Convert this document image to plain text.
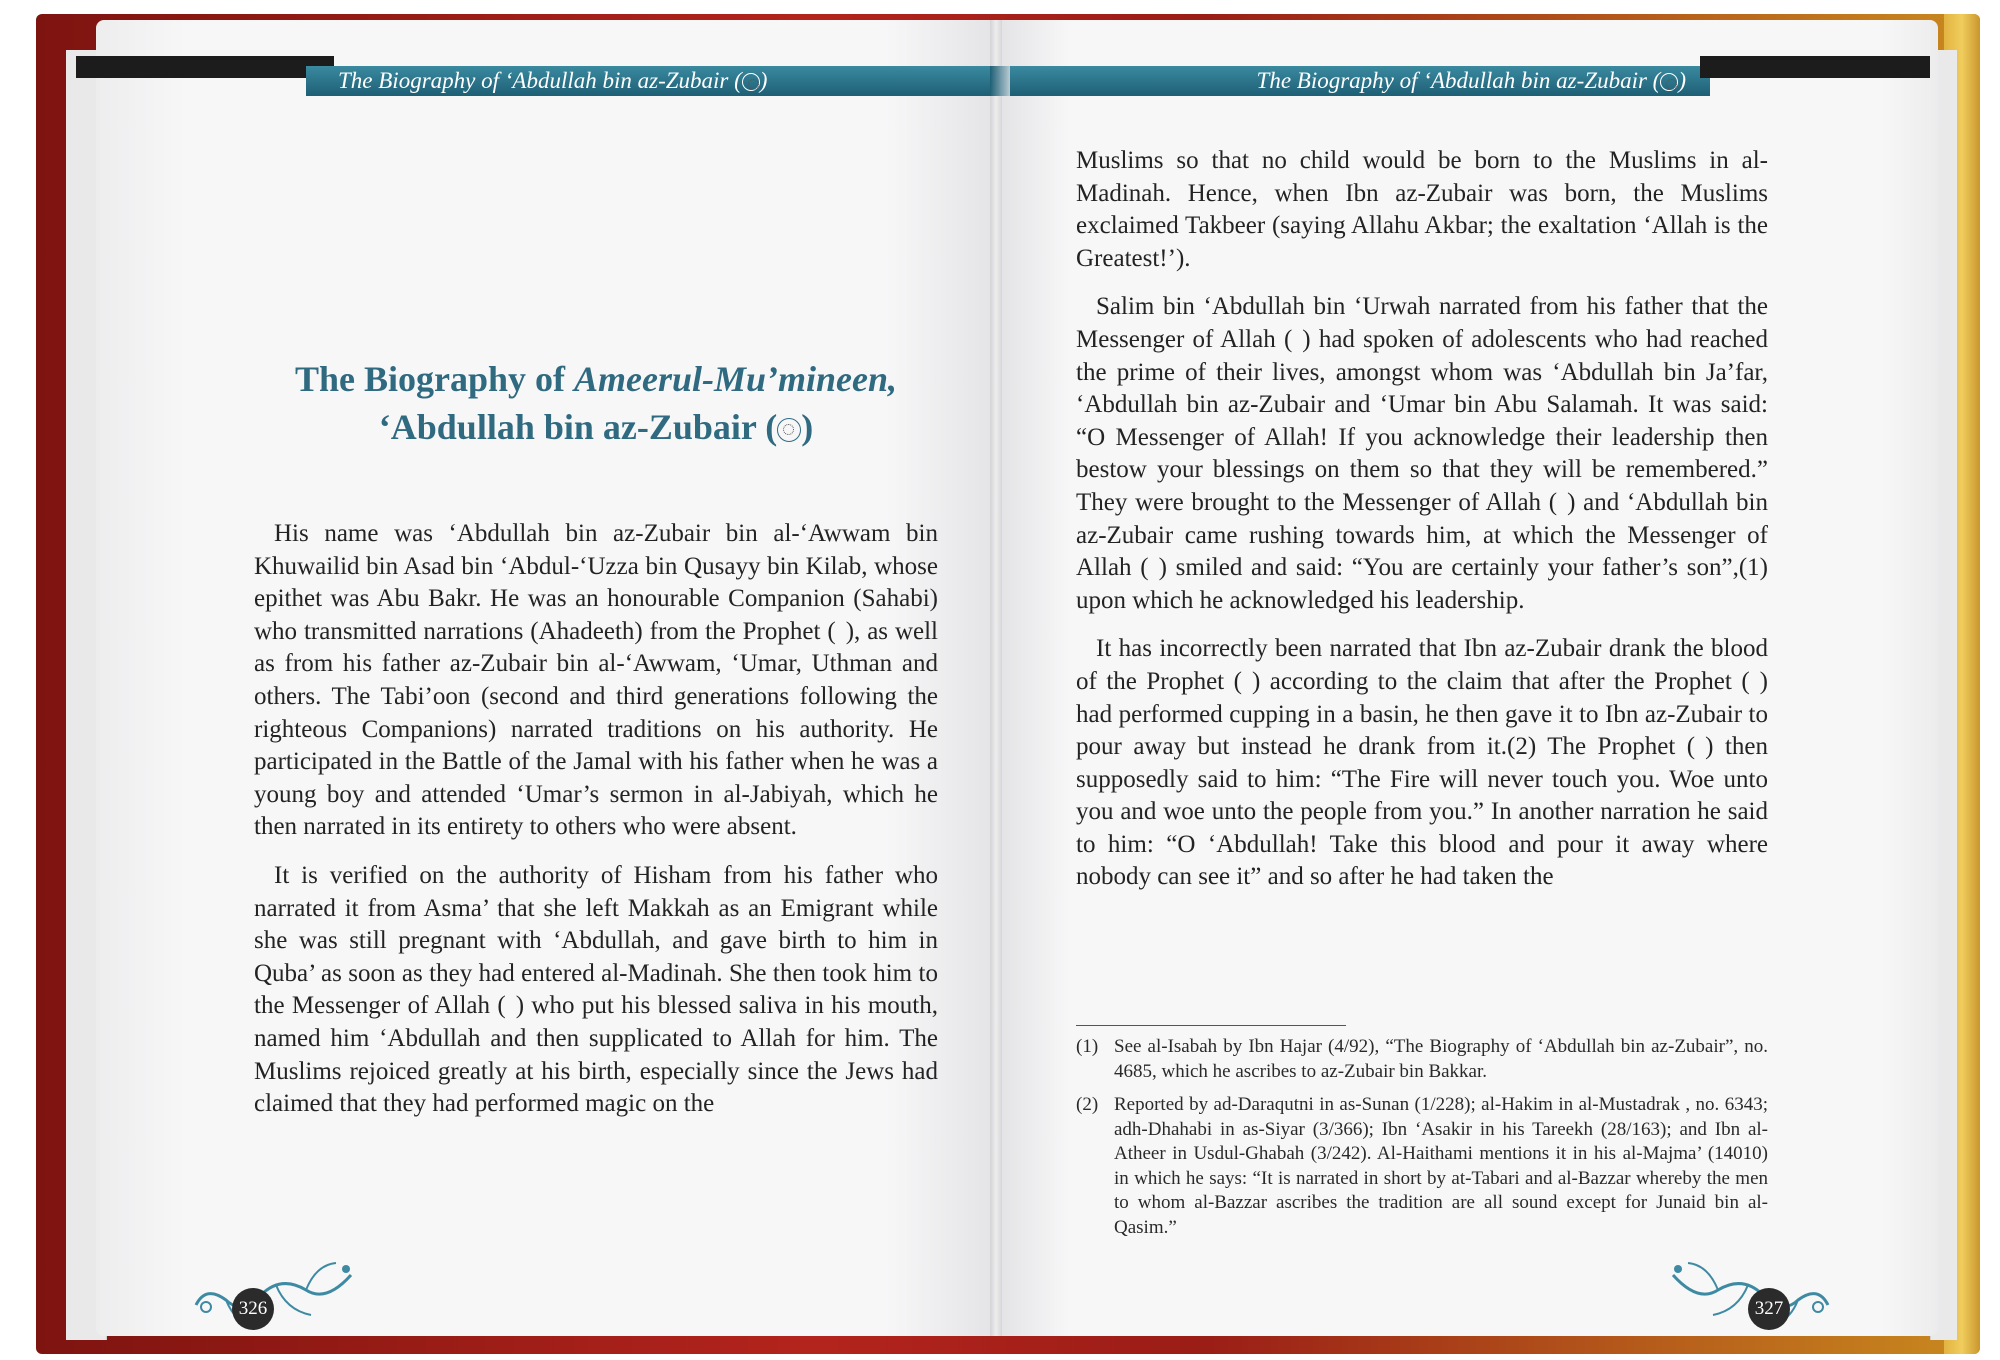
The Biography of ‘Abdullah bin az-Zubair ( )	The Biography of ‘Abdullah bin az-Zubair ( )
The Biography of Ameerul-Mu’mineen,
‘Abdullah bin az-Zubair ( )

His name was ‘Abdullah bin az-Zubair bin al-‘Awwam bin Khuwailid bin Asad bin ‘Abdul-‘Uzza bin Qusayy bin Kilab, whose epithet was Abu Bakr. He was an honourable Companion (Sahabi) who transmitted narrations (Ahadeeth) from the Prophet (  ), as well as from his father az-Zubair bin al-‘Awwam, ‘Umar, Uthman and others. The Tabi’oon (second and third generations following the righteous Companions) narrated traditions on his authority. He participated in the Battle of the Jamal with his father when he was a young boy and attended ‘Umar’s sermon in al-Jabiyah, which he then narrated in its entirety to others who were absent.

It is verified on the authority of Hisham from his father who narrated it from Asma’ that she left Makkah as an Emigrant while she was still pregnant with ‘Abdullah, and gave birth to him in Quba’ as soon as they had entered al-Madinah. She then took him to the Messenger of Allah (  ) who put his blessed saliva in his mouth, named him ‘Abdullah and then supplicated to Allah for him. The Muslims rejoiced greatly at his birth, especially since the Jews had claimed that they had performed magic on the

Muslims so that no child would be born to the Muslims in al-Madinah. Hence, when Ibn az-Zubair was born, the Muslims exclaimed Takbeer (saying Allahu Akbar; the exaltation ‘Allah is the Greatest!’).

Salim bin ‘Abdullah bin ‘Urwah narrated from his father that the Messenger of Allah (  ) had spoken of adolescents who had reached the prime of their lives, amongst whom was ‘Abdullah bin Ja’far, ‘Abdullah bin az-Zubair and ‘Umar bin Abu Salamah. It was said: “O Messenger of Allah! If you acknowledge their leadership then bestow your blessings on them so that they will be remembered.” They were brought to the Messenger of Allah (  ) and ‘Abdullah bin az-Zubair came rushing towards him, at which the Messenger of Allah (  ) smiled and said: “You are certainly your father’s son”,(1) upon which he acknowledged his leadership.

It has incorrectly been narrated that Ibn az-Zubair drank the blood of the Prophet (  ) according to the claim that after the Prophet (  ) had performed cupping in a basin, he then gave it to Ibn az-Zubair to pour away but instead he drank from it.(2) The Prophet (  ) then supposedly said to him: “The Fire will never touch you. Woe unto you and woe unto the people from you.” In another narration he said to him: “O ‘Abdullah! Take this blood and pour it away where nobody can see it” and so after he had taken the

(1) See al-Isabah by Ibn Hajar (4/92), “The Biography of ‘Abdullah bin az-Zubair”, no. 4685, which he ascribes to az-Zubair bin Bakkar.
(2) Reported by ad-Daraqutni in as-Sunan (1/228); al-Hakim in al-Mustadrak , no. 6343; adh-Dhahabi in as-Siyar (3/366); Ibn ‘Asakir in his Tareekh (28/163); and Ibn al-Atheer in Usdul-Ghabah (3/242). Al-Haithami mentions it in his al-Majma’ (14010) in which he says: “It is narrated in short by at-Tabari and al-Bazzar whereby the men to whom al-Bazzar ascribes the tradition are all sound except for Junaid bin al-Qasim.”
326	327
